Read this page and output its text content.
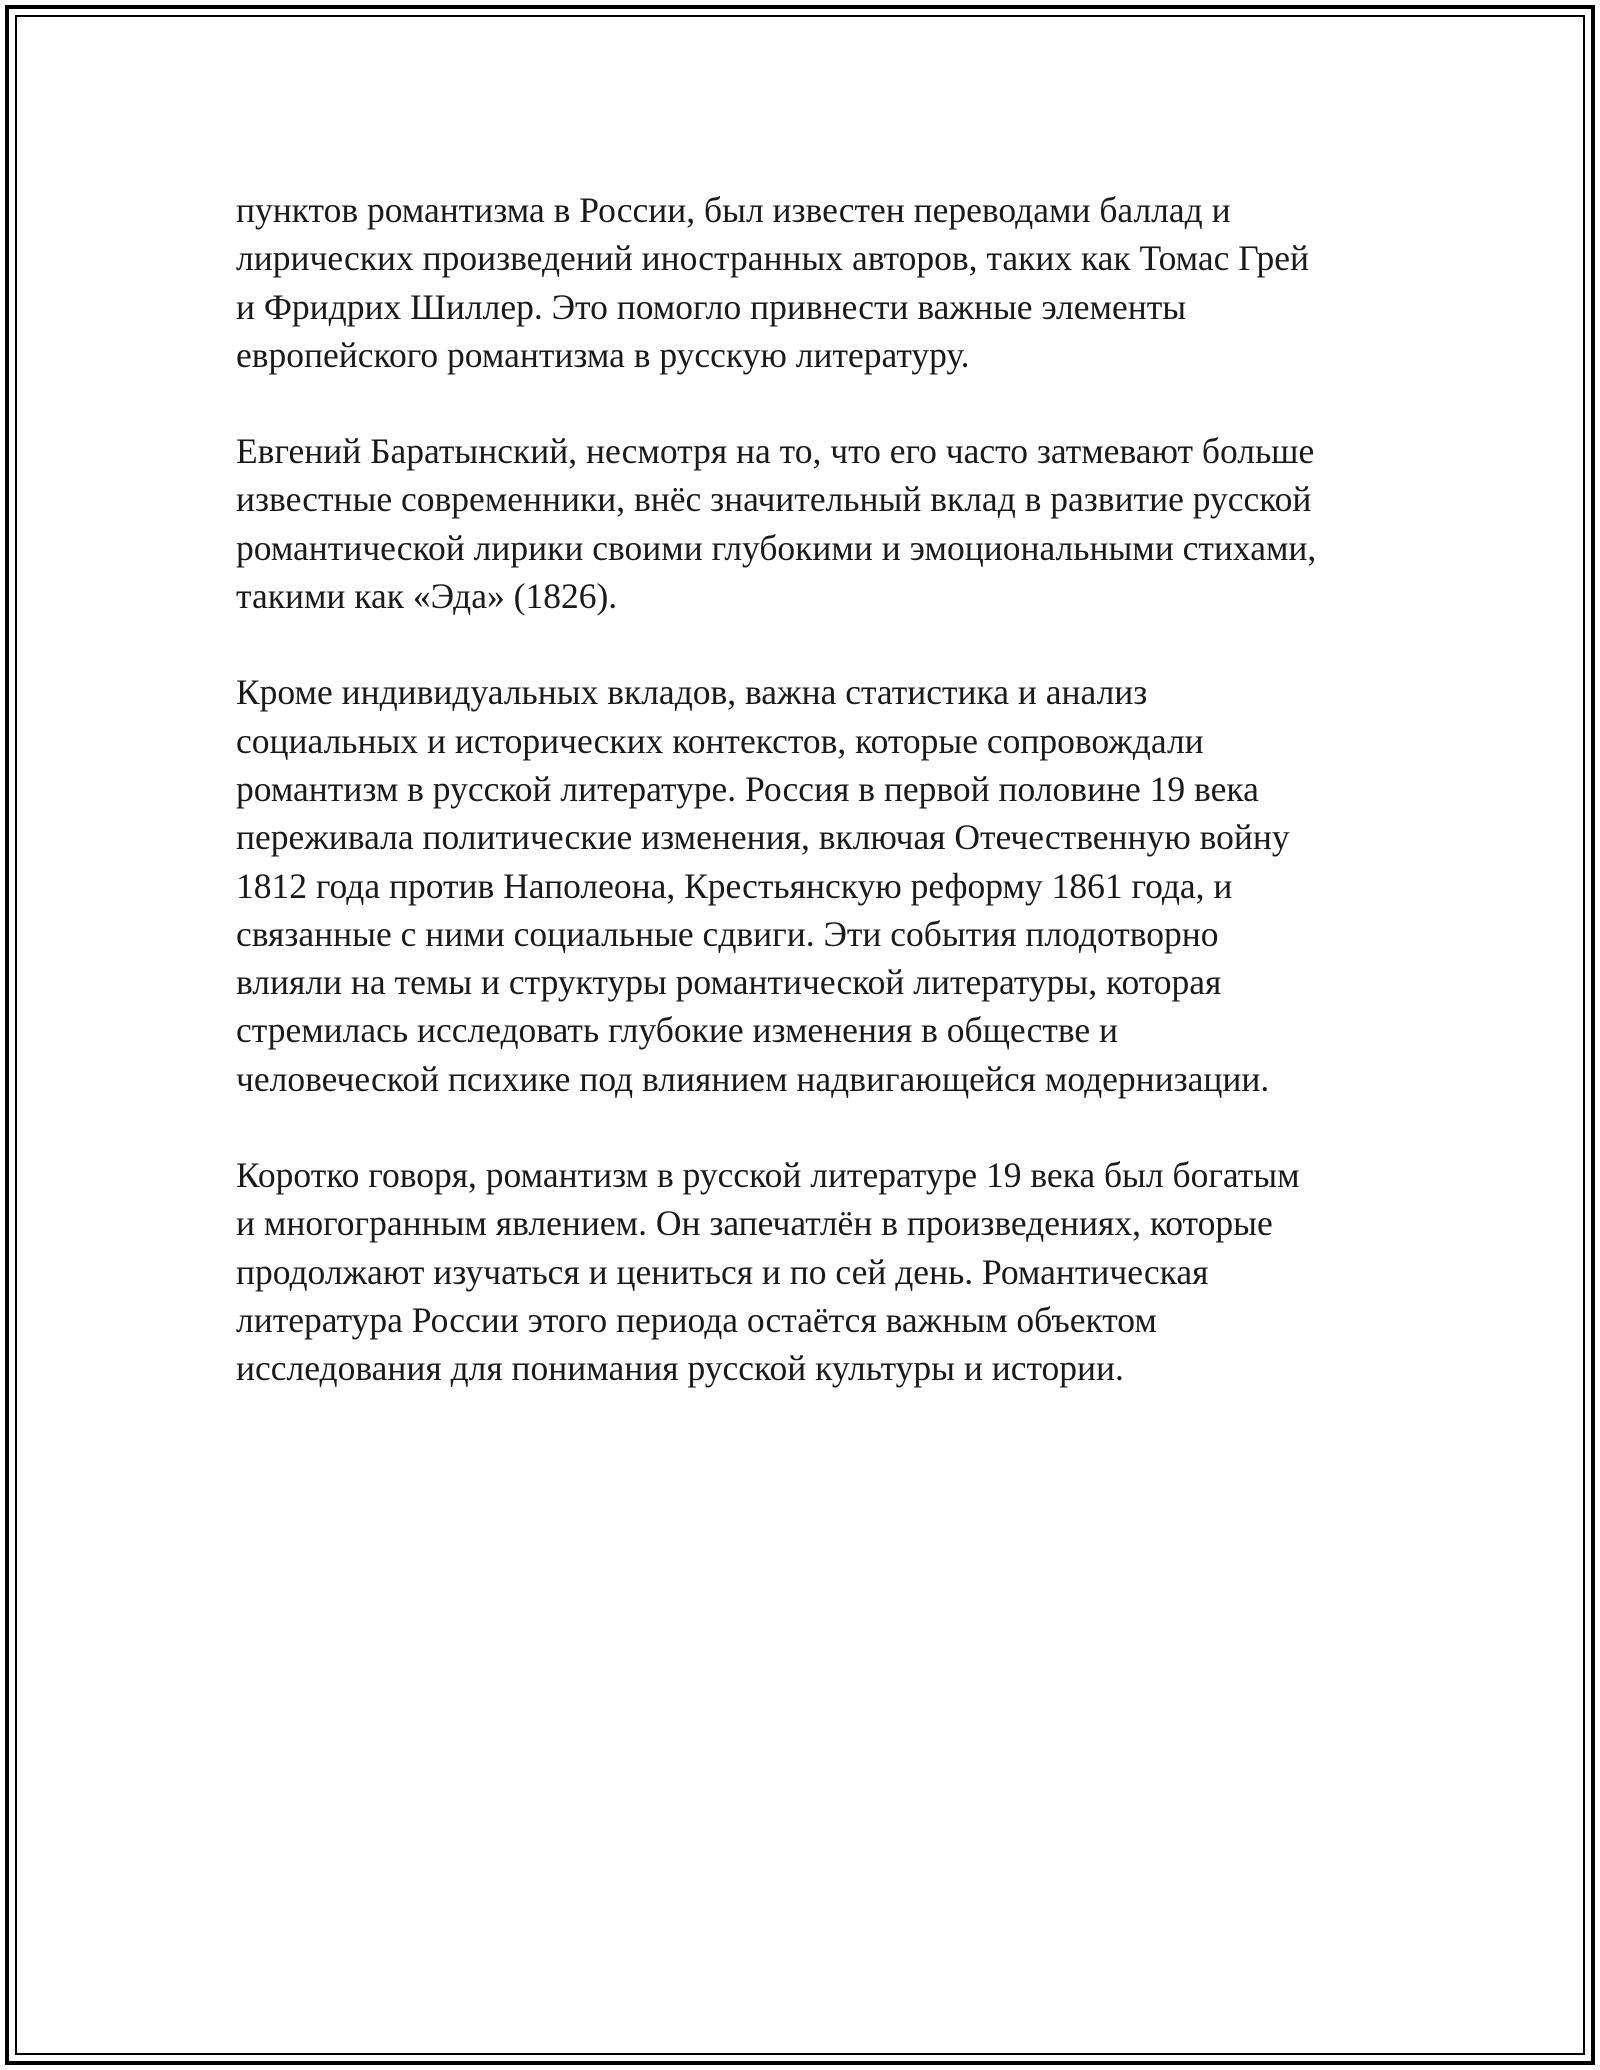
пунктов романтизма в России, был известен переводами баллад и
лирических произведений иностранных авторов, таких как Томас Грей
и Фридрих Шиллер. Это помогло привнести важные элементы
европейского романтизма в русскую литературу.

Евгений Баратынский, несмотря на то, что его часто затмевают больше
известные современники, внёс значительный вклад в развитие русской
романтической лирики своими глубокими и эмоциональными стихами,
такими как «Эда» (1826).

Кроме индивидуальных вкладов, важна статистика и анализ
социальных и исторических контекстов, которые сопровождали
романтизм в русской литературе. Россия в первой половине 19 века
переживала политические изменения, включая Отечественную войну
1812 года против Наполеона, Крестьянскую реформу 1861 года, и
связанные с ними социальные сдвиги. Эти события плодотворно
влияли на темы и структуры романтической литературы, которая
стремилась исследовать глубокие изменения в обществе и
человеческой психике под влиянием надвигающейся модернизации.

Коротко говоря, романтизм в русской литературе 19 века был богатым
и многогранным явлением. Он запечатлён в произведениях, которые
продолжают изучаться и цениться и по сей день. Романтическая
литература России этого периода остаётся важным объектом
исследования для понимания русской культуры и истории.
